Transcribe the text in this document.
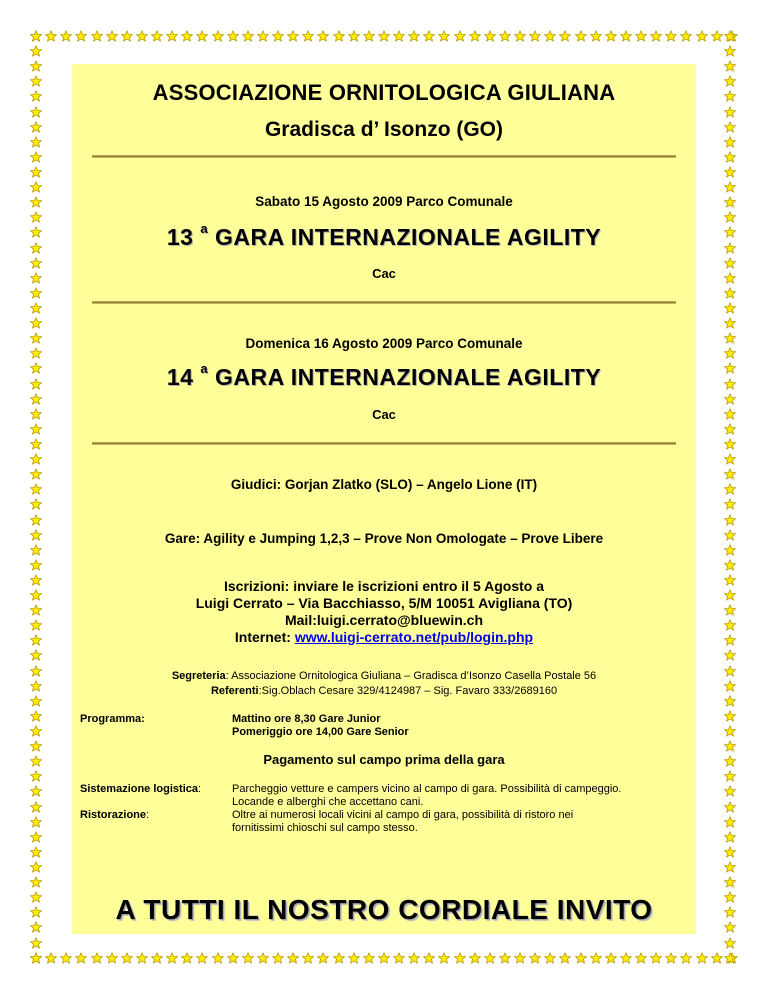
ASSOCIAZIONE ORNITOLOGICA GIULIANA
Gradisca d’ Isonzo (GO)
Sabato 15 Agosto 2009 Parco Comunale
13 $^a$ GARA INTERNAZIONALE AGILITY
Cac
Domenica 16 Agosto 2009 Parco Comunale
14 $^a$ GARA INTERNAZIONALE AGILITY
Cac
Giudici: Gorjan Zlatko (SLO) – Angelo Lione (IT)
Gare: Agility e Jumping 1,2,3 – Prove Non Omologate – Prove Libere
Iscrizioni: inviare le iscrizioni entro il 5 Agosto a
Luigi Cerrato – Via Bacchiasso, 5/M 10051 Avigliana (TO)
Mail:luigi.cerrato@bluewin.ch
Internet: www.luigi-cerrato.net/pub/login.php
Segreteria: Associazione Ornitologica Giuliana – Gradisca d’Isonzo Casella Postale 56
Referenti:Sig.Oblach Cesare 329/4124987 – Sig. Favaro 333/2689160
Programma:	Mattino ore 8,30 Gare Junior
Pomeriggio ore 14,00 Gare Senior
Pagamento sul campo prima della gara
Sistemazione logistica:	Parcheggio vetture e campers vicino al campo di gara. Possibilità di campeggio.
Locande e alberghi che accettano cani.
Ristorazione:	Oltre ai numerosi locali vicini al campo di gara, possibilità di ristoro nei
fornitissimi chioschi sul campo stesso.
A TUTTI IL NOSTRO CORDIALE INVITO
